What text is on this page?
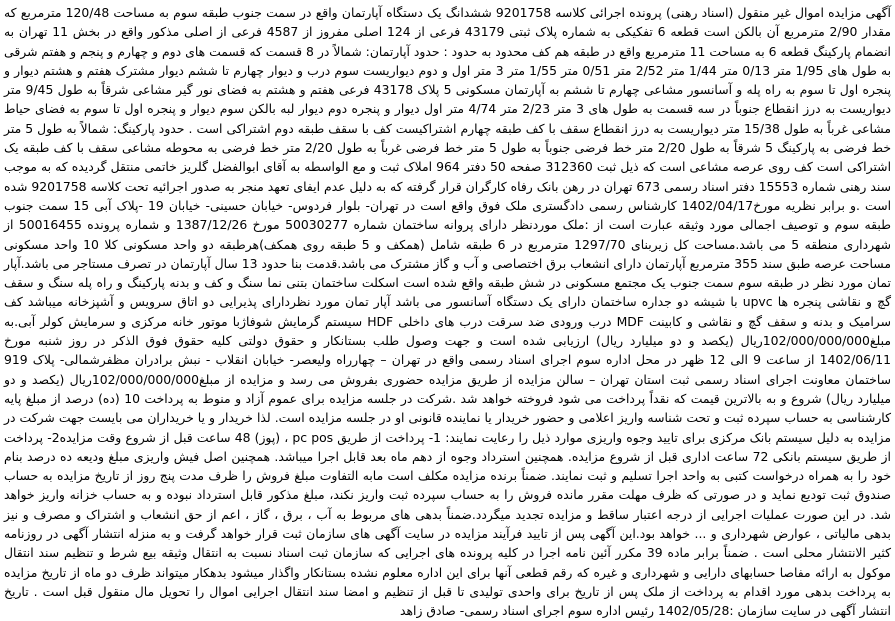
آگهی مزایده اموال غیر منقول (اسناد رهنی) پرونده اجرائی کلاسه 9201758 ششدانگ یک دستگاه آپارتمان واقع در سمت جنوب طبقه سوم به مساحت 120/48 مترمربع که مقدار 2/90 مترمربع آن بالکن است قطعه 6 تفکیکی به شماره پلاک ثبتی 43179 فرعی از 124 اصلی مفروز از 4587 فرعی از اصلی مذکور واقع در بخش 11 تهران به انضمام پارکینگ قطعه 6 به مساحت 11 مترمربع واقع در طبقه هم کف محدود به حدود : حدود آپارتمان: شمالاً در 8 قسمت که قسمت های دوم و چهارم و پنجم و هفتم شرقی به طول های 1/95 متر 0/13 متر 1/44 متر 2/52 متر 0/51 متر 1/55 متر 3 متر اول و دوم دیواریست سوم درب و دیوار چهارم تا ششم دیوار مشترک هفتم و هشتم دیوار و پنجره اول تا سوم به راه پله و آسانسور مشاعی چهارم تا ششم به آپارتمان مسکونی 5 پلاک 43178 فرعی هفتم و هشتم به فضای نور گیر مشاعی شرقاً به طول 9/45 متر دیواریست به درز انقطاع جنوباً در سه قسمت به طول های 3 متر 2/23 متر 4/74 متر اول دیوار و پنجره دوم دیوار لبه بالکن سوم دیوار و پنجره اول تا سوم به فضای حیاط مشاعی غرباً به طول 15/38 متر دیواریست به درز انقطاع سقف با کف طبقه چهارم اشتراکیست کف با سقف طبقه دوم اشتراکی است . حدود پارکینگ: شمالاً به طول 5 متر خط فرضی به پارکینگ 5 شرقاً به طول 2/20 متر خط فرضی جنوباً به طول 5 متر خط فرضی غرباً به طول 2/20 متر خط فرضی به محوطه مشاعی سقف با کف طبقه یک اشتراکی است کف روی عرصه مشاعی است که ذیل ثبت 312360 صفحه 50 دفتر 964 املاک ثبت و مع الواسطه به آقای ابوالفضل گلریز خاتمی منتقل گردیده که به موجب سند رهنی شماره 15553 دفتر اسناد رسمی 673 تهران در رهن بانک رفاه کارگران قرار گرفته که به دلیل عدم ایفای تعهد منجر به صدور اجرائیه تحت کلاسه 9201758 شده است .و برابر نظریه مورخ1402/04/17 کارشناس رسمی دادگستری ملک فوق واقع است در تهران- بلوار فردوس- خیابان حسینی- خیابان 19 -پلاک آبی 15 سمت جنوب طبقه سوم و توصیف اجمالی مورد وثیقه عبارت است از :ملک موردنظر دارای پروانه ساختمان شماره 50030277 مورخ 1387/12/26 و شماره پرونده 50016455 از شهرداری منطقه 5 می باشد.مساحت کل زیربنای 1297/70 مترمربع در 6 طبقه شامل (همکف و 5 طبقه روی همکف)هرطبقه دو واحد مسکونی کلا 10 واحد مسکونی مساحت عرصه طبق سند 355 مترمربع آپارتمان دارای انشعاب برق اختصاصی و آب و گاز مشترک می باشد.قدمت بنا حدود 13 سال آپارتمان در تصرف مستاجر می باشد.آپار تمان مورد نظر در طبقه سوم سمت جنوب یک مجتمع مسکونی در شش طبقه واقع شده است اسکلت ساختمان بتنی نما سنگ و کف و بدنه پارکینگ و راه پله سنگ و سقف گچ و نقاشی پنجره ها upvc با شیشه دو جداره ساختمان دارای یک دستگاه آسانسور می باشد آپار تمان مورد نظردارای پذیرایی دو اتاق سرویس و آشپزخانه میباشد کف سرامیک و بدنه و سقف گچ و نقاشی و کابینت MDF درب ورودی ضد سرقت درب های داخلی HDF سیستم گرمایش شوفاژبا موتور خانه مرکزی و سرمایش کولر آبی.به مبلغ102/000/000/000ریال (یکصد و دو میلیارد ریال) ارزیابی شده است و جهت وصول طلب بستانکار و حقوق دولتی کلیه حقوق فوق الذکر در روز شنبه مورخ 1402/06/11 از ساعت 9 الی 12 ظهر در محل اداره سوم اجرای اسناد رسمی واقع در تهران – چهارراه ولیعصر- خیابان انقلاب - نبش برادران مظفرشمالی- پلاک 919 ساختمان معاونت اجرای اسناد رسمی ثبت استان تهران – سالن مزایده از طریق مزایده حضوری بفروش می رسد و مزایده از مبلغ102/000/000/000ریال (یکصد و دو میلیارد ریال) شروع و به بالاترین قیمت که نقداً پرداخت می شود فروخته خواهد شد .شرکت در جلسه مزایده برای عموم آزاد و منوط به پرداخت 10 (ده) درصد از مبلغ پایه کارشناسی به حساب سپرده ثبت و تحت شناسه واریز اعلامی و حضور خریدار یا نماینده قانونی او در جلسه مزایده است. لذا خریدار و یا خریداران می بایست جهت شرکت در مزایده به دلیل سیستم بانک مرکزی برای تایید وجوه واریزی موارد ذیل را رعایت نمایند: 1- پرداخت از طریق pc pos ، (پوز) 48 ساعت قبل از شروع وقت مزایده2- پرداخت از طریق سیستم بانکی 72 ساعت اداری قبل از شروع مزایده. همچنین استرداد وجوه از دهم ماه بعد قابل اجرا میباشد. همچنین اصل فیش واریزی مبلغ ودیعه ده درصد بنام خود را به همراه درخواست کتبی به واحد اجرا تسلیم و ثبت نمایند. ضمناً برنده مزایده مکلف است مابه التفاوت مبلغ فروش را ظرف مدت پنج روز از تاریخ مزایده به حساب صندوق ثبت تودیع نماید و در صورتی که ظرف مهلت مقرر مانده فروش را به حساب سپرده ثبت واریز نکند، مبلغ مذکور قابل استرداد نبوده و به حساب خزانه واریز خواهد شد. در این صورت عملیات اجرایی از درجه اعتبار ساقط و مزایده تجدید میگردد.ضمناً بدهی های مربوط به آب ، برق ، گاز ، اعم از حق انشعاب و اشتراک و مصرف و نیز بدهی مالیاتی ، عوارض شهرداری و ... خواهد بود.این آگهی پس از تایید فرآیند مزایده در سایت آگهی های سازمان ثبت قرار خواهد گرفت و به منزله انتشار آگهی در روزنامه کثیر الانتشار محلی است . ضمناً برابر ماده 39 مکرر آئین نامه اجرا در کلیه پرونده های اجرایی که سازمان ثبت اسناد نسبت به انتقال وثیقه بیع شرط و تنظیم سند انتقال موکول به ارائه مفاصا حسابهای دارایی و شهرداری و غیره که رقم قطعی آنها برای این اداره معلوم نشده بستانکار واگذار میشود بدهکار میتواند ظرف دو ماه از تاریخ مزایده به پرداخت بدهی مورد اقدام به پرداخت از ملک پس از تاریخ برای واحدی تولیدی تا قبل از تنظیم و امضا سند انتقال اجرایی اموال را تحویل مال منقول قبل است . تاریخ انتشار آگهی در سایت سازمان :1402/05/28 رئیس اداره سوم اجرای اسناد رسمی- صادق زاهد
